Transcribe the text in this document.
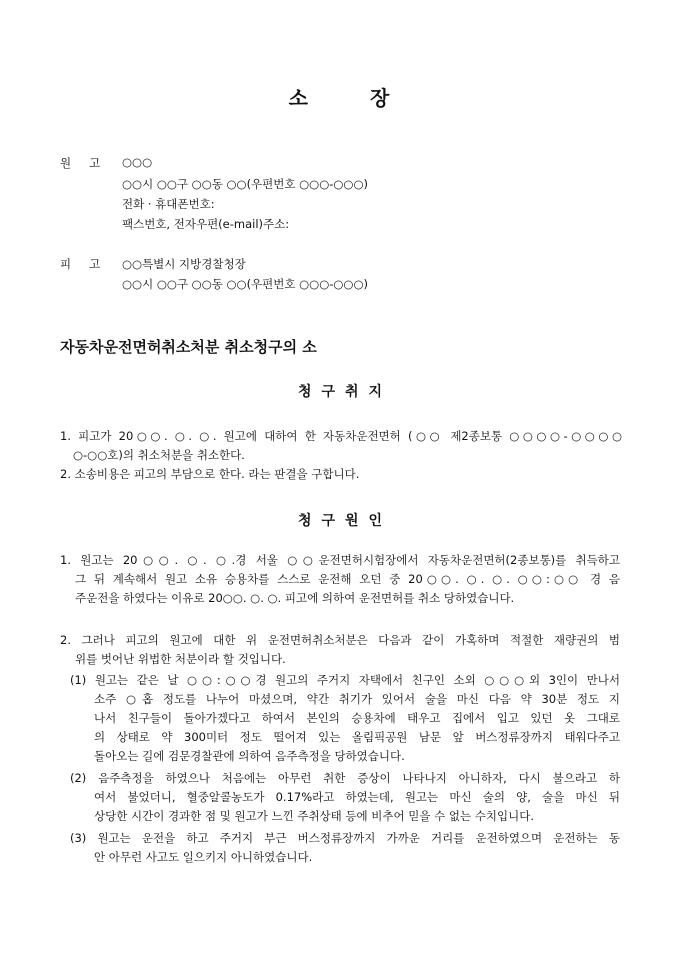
소	장
원 고 ○○○
○○시 ○○구 ○○동 ○○(우편번호 ○○○-○○○)
전화 · 휴대폰번호:
팩스번호, 전자우편(e-mail)주소:
피 고 ○○특별시 지방경찰청장
○○시 ○○구 ○○동 ○○(우편번호 ○○○-○○○)
자동차운전면허취소처분 취소청구의 소
청 구 취 지
1. 피고가 20○○. ○. ○. 원고에 대하여 한 자동차운전면허 (○○ 제2종보통 ○○○○-○○○○
○-○○호)의 취소처분을 취소한다.
2. 소송비용은 피고의 부담으로 한다. 라는 판결을 구합니다.
청 구 원 인
1. 원고는 20○○. ○. ○.경 서울 ○○운전면허시험장에서 자동차운전면허(2종보통)를 취득하고
그 뒤 계속해서 원고 소유 승용차를 스스로 운전해 오던 중 20○○. ○. ○. ○○:○○ 경 음
주운전을 하였다는 이유로 20○○. ○. ○. 피고에 의하여 운전면허를 취소 당하였습니다.
2. 그러나 피고의 원고에 대한 위 운전면허취소처분은 다음과 같이 가혹하며 적절한 재량권의 범
위를 벗어난 위법한 처분이라 할 것입니다.
(1) 원고는 같은 날 ○○:○○경 원고의 주거지 자택에서 친구인 소외 ○○○외 3인이 만나서
소주 ○홉 정도를 나누어 마셨으며, 약간 취기가 있어서 술을 마신 다음 약 30분 정도 지
나서 친구들이 돌아가겠다고 하여서 본인의 승용차에 태우고 집에서 입고 있던 옷 그대로
의 상태로 약 300미터 정도 떨어져 있는 올림픽공원 남문 앞 버스정류장까지 태워다주고
돌아오는 길에 검문경찰관에 의하여 음주측정을 당하였습니다.
(2) 음주측정을 하였으나 처음에는 아무런 취한 증상이 나타나지 아니하자, 다시 불으라고 하
여서 불었더니, 혈중알콜농도가 0.17%라고 하였는데, 원고는 마신 술의 양, 술을 마신 뒤
상당한 시간이 경과한 점 및 원고가 느낀 주취상태 등에 비추어 믿을 수 없는 수치입니다.
(3) 원고는 운전을 하고 주거지 부근 버스정류장까지 가까운 거리를 운전하였으며 운전하는 동
안 아무런 사고도 일으키지 아니하였습니다.
